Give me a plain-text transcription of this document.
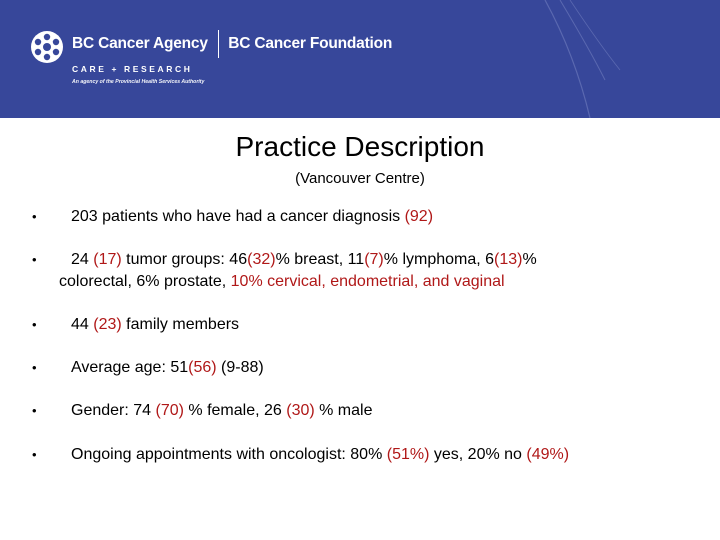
BC Cancer Agency BC Cancer Foundation
CARE + RESEARCH
An agency of the Provincial Health Services Authority
Practice Description
(Vancouver Centre)
• 203 patients who have had a cancer diagnosis (92)
• 24 (17) tumor groups: 46(32)% breast, 11(7)% lymphoma, 6(13)%
colorectal, 6% prostate, 10% cervical, endometrial, and vaginal
• 44 (23) family members
• Average age: 51(56) (9-88)
• Gender: 74 (70) % female, 26 (30) % male
• Ongoing appointments with oncologist: 80% (51%) yes, 20% no (49%)
